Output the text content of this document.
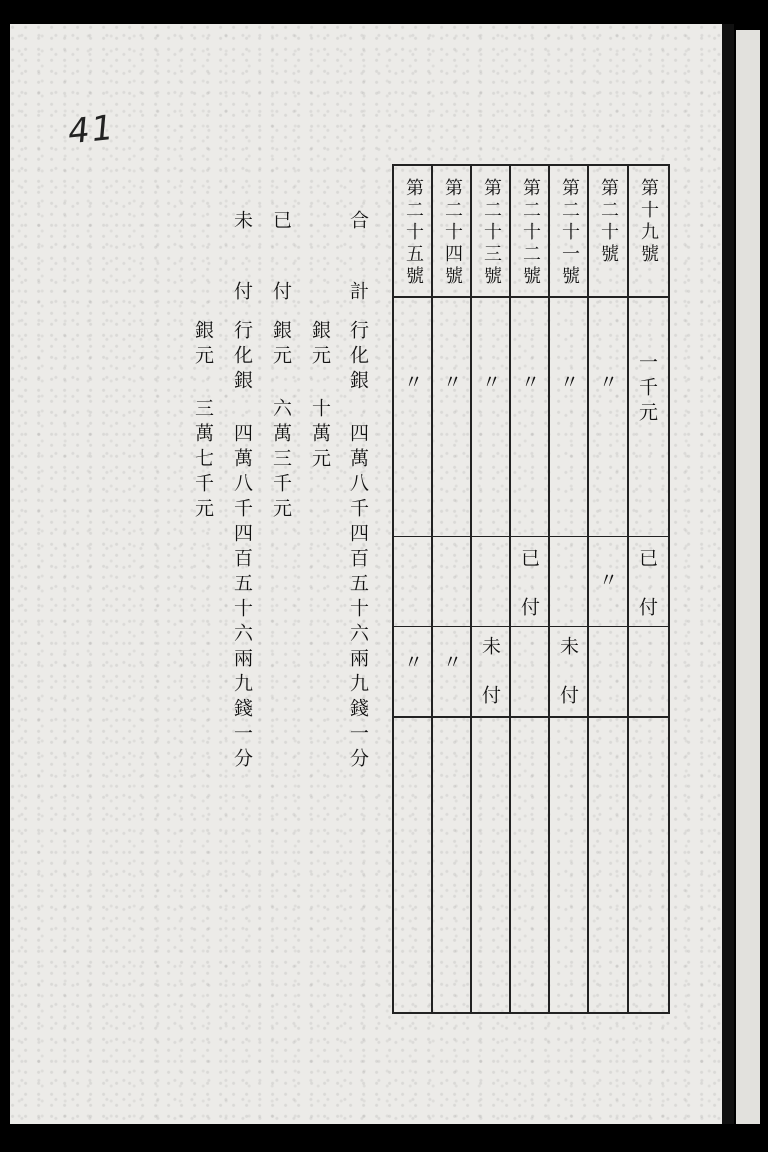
41
第十九號
第二十號
第二十一號
第二十二號
第二十三號
第二十四號
第二十五號
一千元
〃
〃
〃
〃
〃
〃
已付
〃
已付
未付
未付
〃
〃
合計
行化銀 四萬八千四百五十六兩九錢一分
銀元 十萬元
已付
銀元 六萬三千元
未付
行化銀 四萬八千四百五十六兩九錢一分
銀元 三萬七千元
